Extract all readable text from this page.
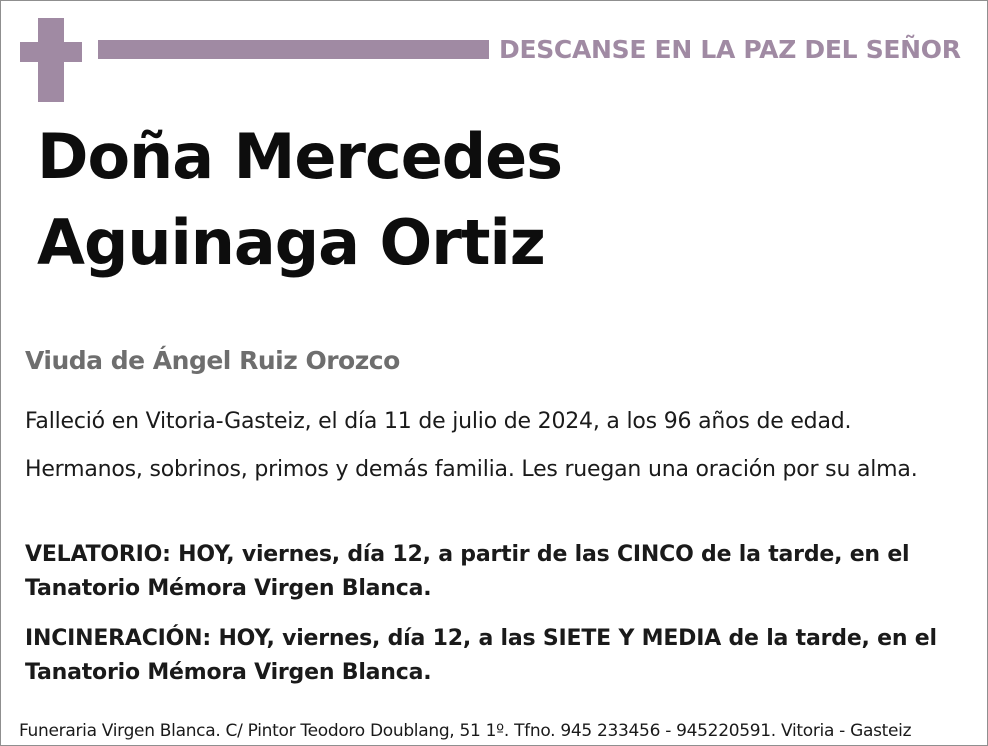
DESCANSE EN LA PAZ DEL SEÑOR
Doña Mercedes
Aguinaga Ortiz
Viuda de Ángel Ruiz Orozco
Falleció en Vitoria-Gasteiz, el día 11 de julio de 2024, a los 96 años de edad.
Hermanos, sobrinos, primos y demás familia. Les ruegan una oración por su alma.
VELATORIO: HOY, viernes, día 12, a partir de las CINCO de la tarde, en el Tanatorio Mémora Virgen Blanca.
INCINERACIÓN: HOY, viernes, día 12, a las SIETE Y MEDIA de la tarde, en el Tanatorio Mémora Virgen Blanca.
Funeraria Virgen Blanca. C/ Pintor Teodoro Doublang, 51 1º. Tfno. 945 233456 - 945220591. Vitoria - Gasteiz
